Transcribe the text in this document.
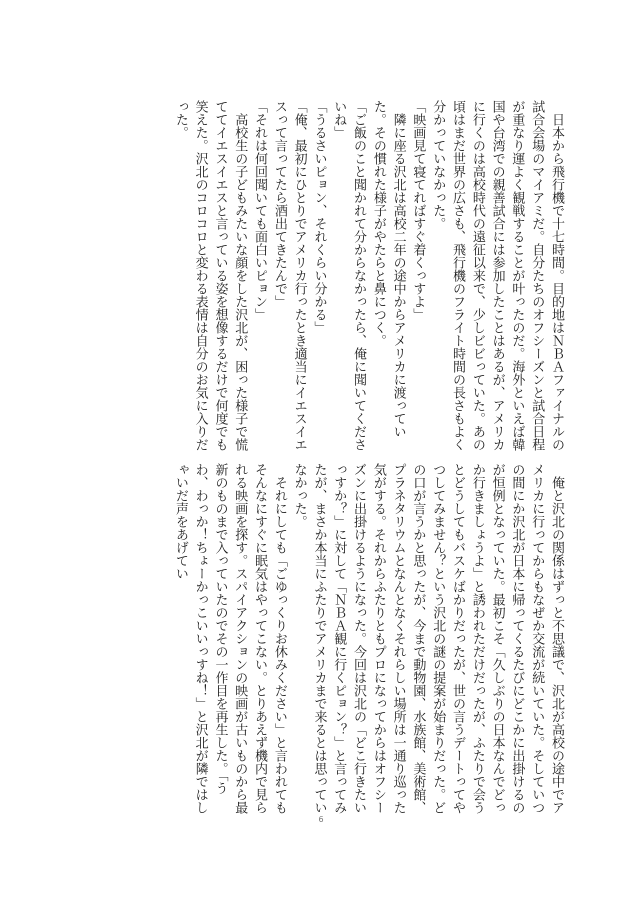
　日本から飛行機で十七時間。目的地はＮＢＡファイナルの試合会場のマイアミだ。自分たちのオフシーズンと試合日程が重なり運よく観戦することが叶ったのだ。海外といえば韓国や台湾での親善試合には参加したことはあるが、アメリカに行くのは高校時代の遠征以来で、少しビビっていた。あの頃はまだ世界の広さも、飛行機のフライト時間の長さもよく分かっていなかった。

「映画見て寝てればすぐ着くっすよ」

　隣に座る沢北は高校二年の途中からアメリカに渡っていた。その慣れた様子がやたらと鼻につく。

「ご飯のこと聞かれて分からなかったら、俺に聞いてくださいね」

「うるさいピョン、それくらい分かる」

「俺、最初にひとりでアメリカ行ったとき適当にイエスイエスって言ってたら酒出てきたんで」

「それは何回聞いても面白いピョン」

　高校生の子どもみたいな顔をした沢北が、困った様子で慌ててイエスイエスと言っている姿を想像するだけで何度でも笑えた。沢北のコロコロと変わる表情は自分のお気に入りだった。

　俺と沢北の関係はずっと不思議で、沢北が高校の途中でアメリカに行ってからもなぜか交流が続いていた。そしていつの間にか沢北が日本に帰ってくるたびにどこかに出掛けるのが恒例となっていた。最初こそ「久しぶりの日本なんでどっか行きましょうよ」と誘われただけだったが、ふたりで会うとどうしてもバスケばかりだったが、世の言うデートってやつしてみません？という沢北の謎の提案が始まりだった。どの口が言うかと思ったが、今まで動物園、水族館、美術館、プラネタリウムとなんとなくそれらしい場所は一通り巡った気がする。それからふたりともプロになってからはオフシーズンに出掛けるようになった。今回は沢北の「どこ行きたいっすか？」に対して「ＮＢＡ観に行くピョン？」と言ってみたが、まさか本当にふたりでアメリカまで来るとは思っていなかった。

　それにしても「ごゆっくりお休みください」と言われてもそんなにすぐに眠気はやってこない。とりあえず機内で見られる映画を探す。スパイアクションの映画が古いものから最新のものまで入っていたのでその一作目を再生した。「うわ、わっか！ちょーかっこいいっすね！」と沢北が隣ではしゃいだ声をあげてい

6
